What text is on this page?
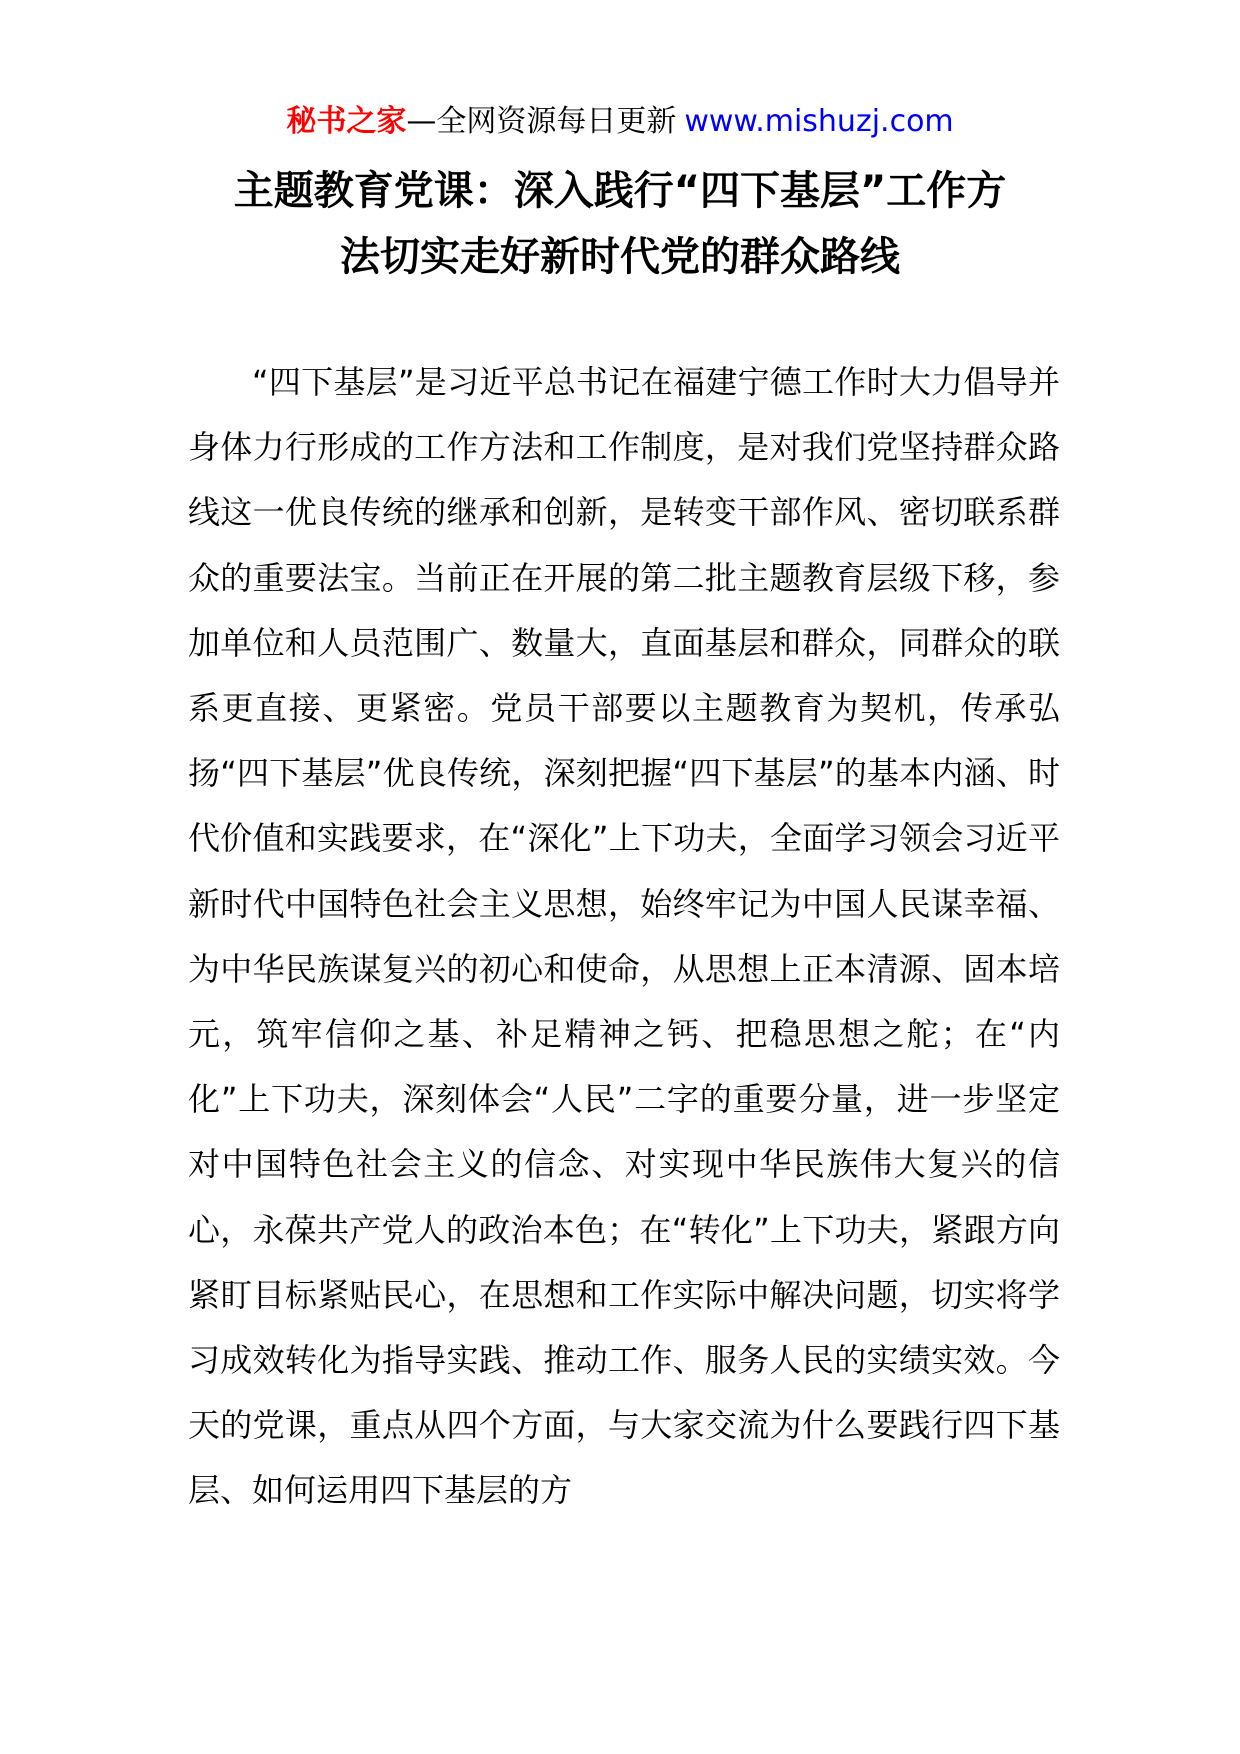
秘书之家—全网资源每日更新 www.mishuzj.com
主题教育党课：深入践行“四下基层”工作方
法切实走好新时代党的群众路线

“四下基层”是习近平总书记在福建宁德工作时大力倡导并身体力行形成的工作方法和工作制度，是对我们党坚持群众路线这一优良传统的继承和创新，是转变干部作风、密切联系群众的重要法宝。当前正在开展的第二批主题教育层级下移，参加单位和人员范围广、数量大，直面基层和群众，同群众的联系更直接、更紧密。党员干部要以主题教育为契机，传承弘扬“四下基层”优良传统，深刻把握“四下基层”的基本内涵、时代价值和实践要求，在“深化”上下功夫，全面学习领会习近平新时代中国特色社会主义思想，始终牢记为中国人民谋幸福、为中华民族谋复兴的初心和使命，从思想上正本清源、固本培元，筑牢信仰之基、补足精神之钙、把稳思想之舵；在“内化”上下功夫，深刻体会“人民”二字的重要分量，进一步坚定对中国特色社会主义的信念、对实现中华民族伟大复兴的信心，永葆共产党人的政治本色；在“转化”上下功夫，紧跟方向紧盯目标紧贴民心，在思想和工作实际中解决问题，切实将学习成效转化为指导实践、推动工作、服务人民的实绩实效。今天的党课，重点从四个方面，与大家交流为什么要践行四下基层、如何运用四下基层的方
